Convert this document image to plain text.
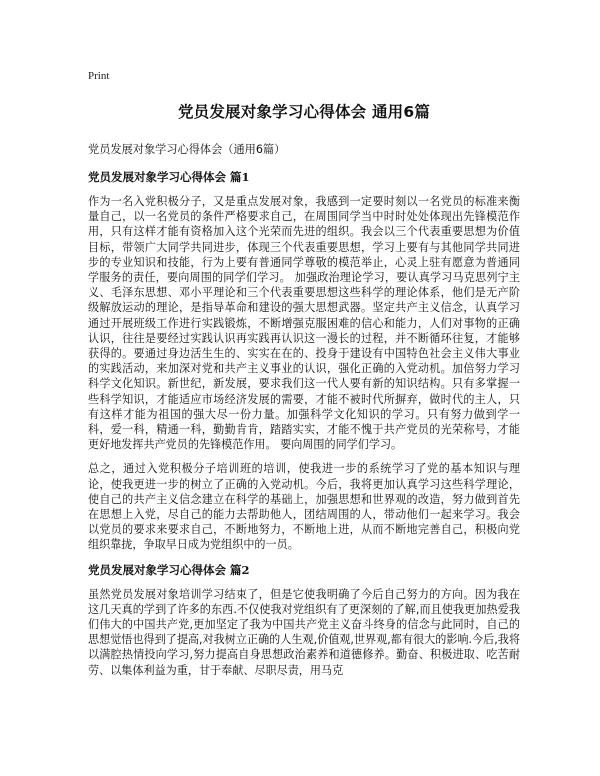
Print
党员发展对象学习心得体会 通用6篇
党员发展对象学习心得体会（通用6篇）
党员发展对象学习心得体会 篇1

作为一名入党积极分子，又是重点发展对象，我感到一定要时刻以一名党员的标准来衡量自己，以一名党员的条件严格要求自己，在周围同学当中时时处处体现出先锋模范作用，只有这样才能有资格加入这个光荣而先进的组织。我会以三个代表重要思想为价值目标，带领广大同学共同进步，体现三个代表重要思想，学习上要有与其他同学共同进步的专业知识和技能，行为上要有普通同学尊敬的模范举止，心灵上驻有愿意为普通同学服务的责任，要向周围的同学们学习。 加强政治理论学习，要认真学习马克思列宁主义、毛泽东思想、邓小平理论和三个代表重要思想这些科学的理论体系，他们是无产阶级解放运动的理论，是指导革命和建设的强大思想武器。坚定共产主义信念，认真学习通过开展班级工作进行实践锻炼，不断增强克服困难的信心和能力，人们对事物的正确认识，往往是要经过实践认识再实践再认识这一漫长的过程，并不断循环往复，才能够获得的。要通过身边活生生的、实实在在的、投身于建设有中国特色社会主义伟大事业的实践活动，来加深对党和共产主义事业的认识，强化正确的入党动机。加倍努力学习科学文化知识。新世纪，新发展，要求我们这一代人要有新的知识结构。只有多掌握一些科学知识，才能适应市场经济发展的需要，才能不被时代所摒弃，做时代的主人，只有这样才能为祖国的强大尽一份力量。加强科学文化知识的学习。只有努力做到学一科，爱一科，精通一科，勤勤肯肯，踏踏实实，才能不愧于共产党员的光荣称号，才能更好地发挥共产党员的先锋模范作用。 要向周围的同学们学习。

总之，通过入党积极分子培训班的培训，使我进一步的系统学习了党的基本知识与理论，使我更进一步的树立了正确的入党动机。今后，我将更加认真学习这些科学理论，使自己的共产主义信念建立在科学的基础上，加强思想和世界观的改造，努力做到首先在思想上入党，尽自己的能力去帮助他人，团结周围的人，带动他们一起来学习。我会以党员的要求来要求自己，不断地努力，不断地上进，从而不断地完善自己，积极向党组织靠拢，争取早日成为党组织中的一员。

党员发展对象学习心得体会 篇2

虽然党员发展对象培训学习结束了，但是它使我明确了今后自己努力的方向。因为我在这几天真的学到了许多的东西.不仅使我对党组织有了更深刻的了解,而且使我更加热爱我们伟大的中国共产党,更加坚定了我为中国共产党主义奋斗终身的信念与此同时，自己的思想觉悟也得到了提高,对我树立正确的人生观,价值观,世界观,都有很大的影响.今后,我将以满腔热情投向学习,努力提高自身思想政治素养和道德修养。勤奋、积极进取、吃苦耐劳、以集体利益为重，甘于奉献、尽职尽责，用马克
